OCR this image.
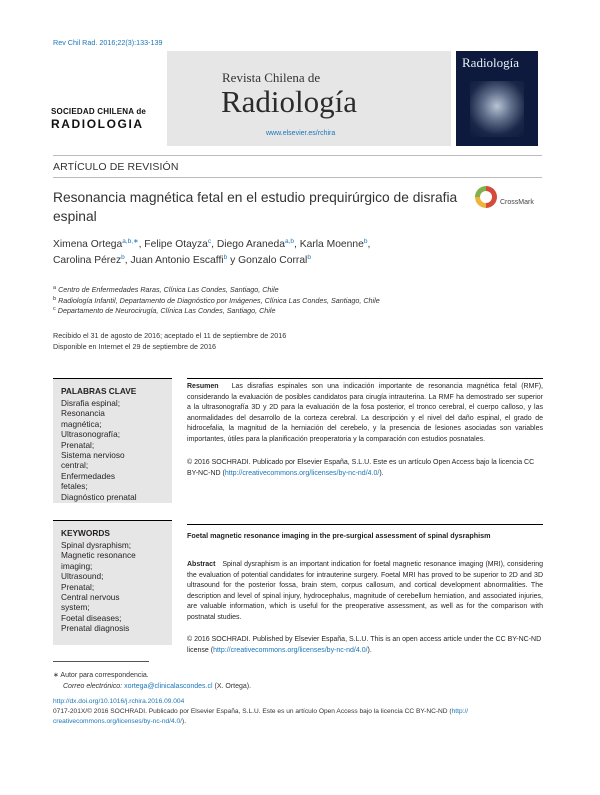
Rev Chil Rad. 2016;22(3):133-139
SOCIEDAD CHILENA de
RADIOLOGIA
Revista Chilena de
Radiología
www.elsevier.es/rchira
Radiología
ARTÍCULO DE REVISIÓN
Resonancia magnética fetal en el estudio prequirúrgico de disrafia espinal
CrossMark
Ximena Ortega$^{a,b,∗}$, Felipe Otayza$^c$, Diego Araneda$^{a,b}$, Karla Moenne$^b$,
Carolina Pérez$^b$, Juan Antonio Escaffi$^b$ y Gonzalo Corral$^b$
$^a$ Centro de Enfermedades Raras, Clínica Las Condes, Santiago, Chile
$^b$ Radiología Infantil, Departamento de Diagnóstico por Imágenes, Clínica Las Condes, Santiago, Chile
$^c$ Departamento de Neurocirugía, Clínica Las Condes, Santiago, Chile
Recibido el 31 de agosto de 2016; aceptado el 11 de septiembre de 2016
Disponible en Internet el 29 de septiembre de 2016
PALABRAS CLAVE
Disrafia espinal;
Resonancia
magnética;
Ultrasonografía;
Prenatal;
Sistema nervioso
central;
Enfermedades
fetales;
Diagnóstico prenatal
KEYWORDS
Spinal dysraphism;
Magnetic resonance
imaging;
Ultrasound;
Prenatal;
Central nervous
system;
Foetal diseases;
Prenatal diagnosis
Resumen Las disrafias espinales son una indicación importante de resonancia magnética fetal (RMF), considerando la evaluación de posibles candidatos para cirugía intrauterina. La RMF ha demostrado ser superior a la ultrasonografía 3D y 2D para la evaluación de la fosa posterior, el tronco cerebral, el cuerpo calloso, y las anormalidades del desarrollo de la corteza cerebral. La descripción y el nivel del daño espinal, el grado de hidrocefalia, la magnitud de la herniación del cerebelo, y la presencia de lesiones asociadas son variables importantes, útiles para la planificación preoperatoria y la comparación con estudios posnatales.
© 2016 SOCHRADI. Publicado por Elsevier España, S.L.U. Este es un artículo Open Access bajo la licencia CC BY-NC-ND (http://creativecommons.org/licenses/by-nc-nd/4.0/).
Foetal magnetic resonance imaging in the pre-surgical assessment of spinal dysraphism
Abstract Spinal dysraphism is an important indication for foetal magnetic resonance imaging (MRI), considering the evaluation of potential candidates for intrauterine surgery. Foetal MRI has proved to be superior to 2D and 3D ultrasound for the posterior fossa, brain stem, corpus callosum, and cortical development abnormalities. The description and level of spinal injury, hydrocephalus, magnitude of cerebellum herniation, and associated injuries, are valuable information, which is useful for the preoperative assessment, as well as for the comparison with postnatal studies.
© 2016 SOCHRADI. Published by Elsevier España, S.L.U. This is an open access article under the CC BY-NC-ND license (http://creativecommons.org/licenses/by-nc-nd/4.0/).
∗ Autor para correspondencia.
Correo electrónico: xortega@clinicalascondes.cl (X. Ortega).
http://dx.doi.org/10.1016/j.rchira.2016.09.004
0717-201X/© 2016 SOCHRADI. Publicado por Elsevier España, S.L.U. Este es un artículo Open Access bajo la licencia CC BY-NC-ND (http://
creativecommons.org/licenses/by-nc-nd/4.0/).
